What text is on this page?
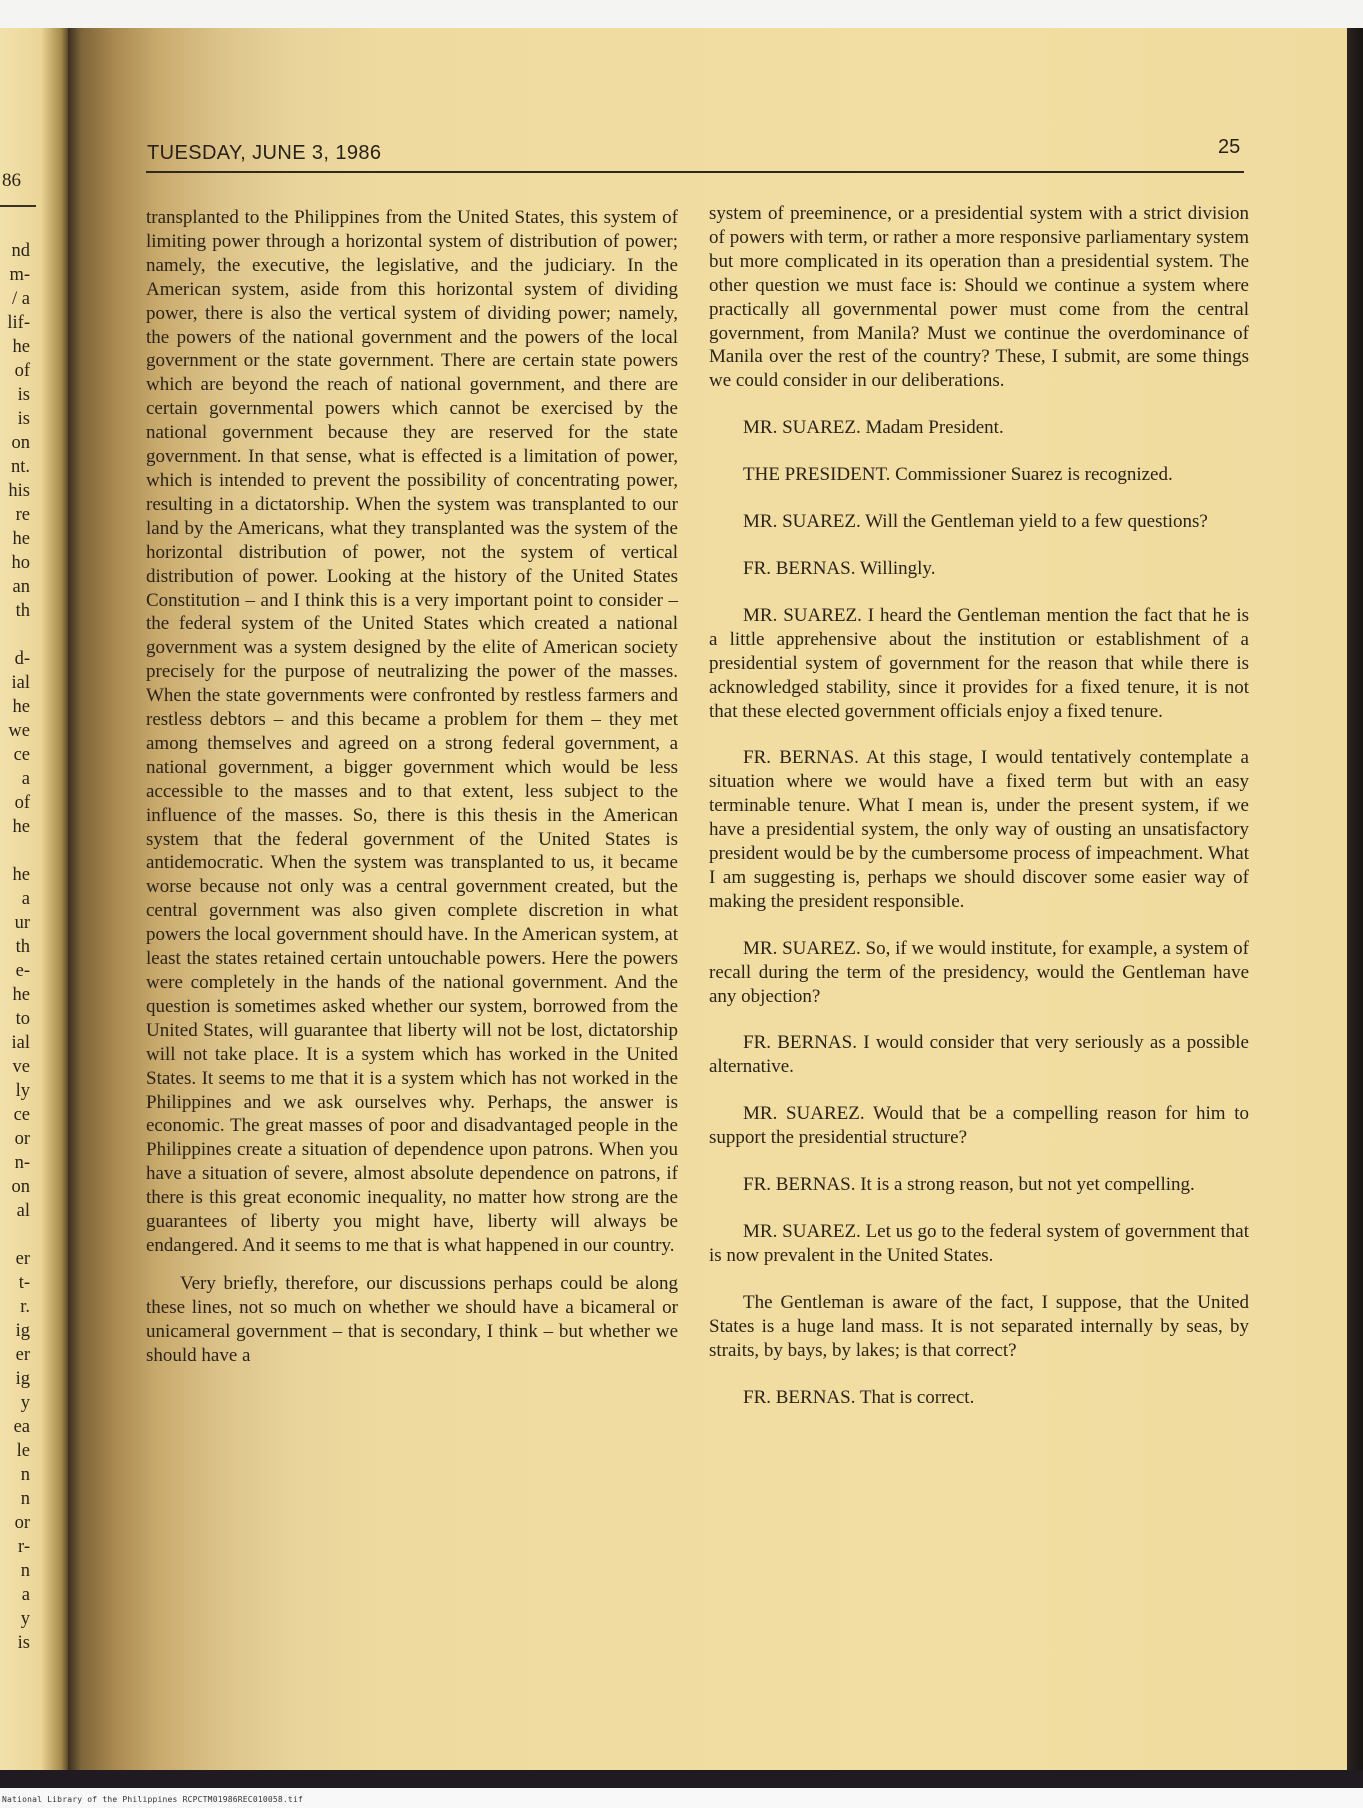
86
nd
m-
/ a
lif-
he
of
is
is
on
nt.
his
re
he
ho
an
th
d-
ial
he
we
ce
a
of
he
he
a
ur
th
e-
he
to
ial
ve
ly
ce
or
n-
on
al
er
t-
r.
ig
er
ig
y
ea
le
n
n
or
r-
n
a
y
is
TUESDAY, JUNE 3, 1986	25

transplanted to the Philippines from the United States, this system of limiting power through a horizontal system of distribution of power; namely, the executive, the legislative, and the judiciary. In the American system, aside from this horizontal system of dividing power, there is also the vertical system of dividing power; namely, the powers of the national government and the powers of the local government or the state government. There are certain state powers which are beyond the reach of national government, and there are certain governmental powers which cannot be exercised by the national government because they are reserved for the state government. In that sense, what is effected is a limitation of power, which is intended to prevent the possibility of concentrating power, resulting in a dictatorship. When the system was transplanted to our land by the Americans, what they transplanted was the system of the horizontal distribution of power, not the system of vertical distribution of power. Looking at the history of the United States Constitution – and I think this is a very important point to consider – the federal system of the United States which created a national government was a system designed by the elite of American society precisely for the purpose of neutralizing the power of the masses. When the state governments were confronted by restless farmers and restless debtors – and this became a problem for them – they met among themselves and agreed on a strong federal government, a national government, a bigger government which would be less accessible to the masses and to that extent, less subject to the influence of the masses. So, there is this thesis in the American system that the federal government of the United States is antidemocratic. When the system was transplanted to us, it became worse because not only was a central government created, but the central government was also given complete discretion in what powers the local government should have. In the American system, at least the states retained certain untouchable powers. Here the powers were completely in the hands of the national government. And the question is sometimes asked whether our system, borrowed from the United States, will guarantee that liberty will not be lost, dictatorship will not take place. It is a system which has worked in the United States. It seems to me that it is a system which has not worked in the Philippines and we ask ourselves why. Perhaps, the answer is economic. The great masses of poor and disadvantaged people in the Philippines create a situation of dependence upon patrons. When you have a situation of severe, almost absolute dependence on patrons, if there is this great economic inequality, no matter how strong are the guarantees of liberty you might have, liberty will always be endangered. And it seems to me that is what happened in our country.

Very briefly, therefore, our discussions perhaps could be along these lines, not so much on whether we should have a bicameral or unicameral government – that is secondary, I think – but whether we should have a

system of preeminence, or a presidential system with a strict division of powers with term, or rather a more responsive parliamentary system but more complicated in its operation than a presidential system. The other question we must face is: Should we continue a system where practically all governmental power must come from the central government, from Manila? Must we continue the overdominance of Manila over the rest of the country? These, I submit, are some things we could consider in our deliberations.

MR. SUAREZ. Madam President.

THE PRESIDENT. Commissioner Suarez is recognized.

MR. SUAREZ. Will the Gentleman yield to a few questions?

FR. BERNAS. Willingly.

MR. SUAREZ. I heard the Gentleman mention the fact that he is a little apprehensive about the institution or establishment of a presidential system of government for the reason that while there is acknowledged stability, since it provides for a fixed tenure, it is not that these elected government officials enjoy a fixed tenure.

FR. BERNAS. At this stage, I would tentatively contemplate a situation where we would have a fixed term but with an easy terminable tenure. What I mean is, under the present system, if we have a presidential system, the only way of ousting an unsatisfactory president would be by the cumbersome process of impeachment. What I am suggesting is, perhaps we should discover some easier way of making the president responsible.

MR. SUAREZ. So, if we would institute, for example, a system of recall during the term of the presidency, would the Gentleman have any objection?

FR. BERNAS. I would consider that very seriously as a possible alternative.

MR. SUAREZ. Would that be a compelling reason for him to support the presidential structure?

FR. BERNAS. It is a strong reason, but not yet compelling.

MR. SUAREZ. Let us go to the federal system of government that is now prevalent in the United States.

The Gentleman is aware of the fact, I suppose, that the United States is a huge land mass. It is not separated internally by seas, by straits, by bays, by lakes; is that correct?

FR. BERNAS. That is correct.

National Library of the Philippines RCPCTM01986REC010058.tif
